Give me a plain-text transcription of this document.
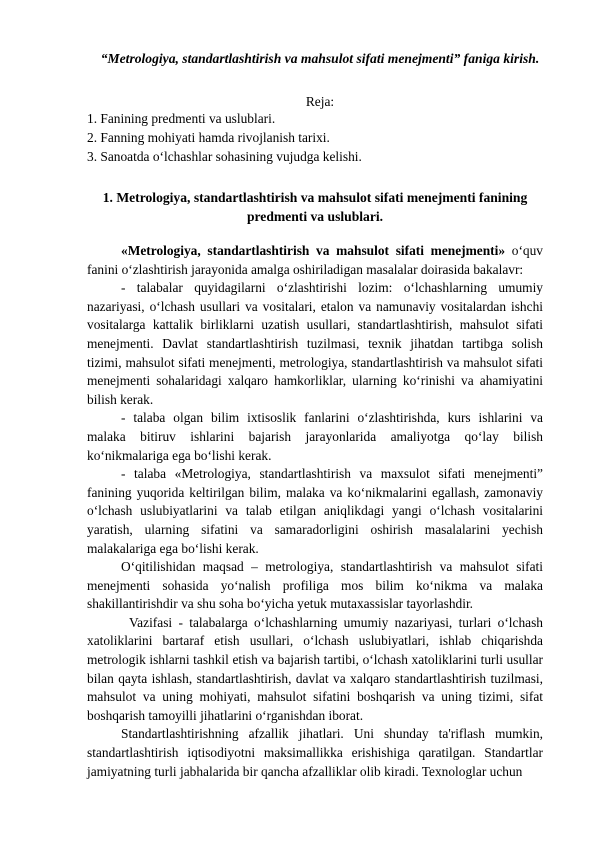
“Metrologiya, standartlashtirish va mahsulot sifati menejmenti” faniga kirish.
Reja:
1. Fanining predmenti va uslublari.
2. Fanning mohiyati hamda rivojlanish tarixi.
3. Sanoatda o‘lchashlar sohasining vujudga kelishi.
1. Metrologiya, standartlashtirish va mahsulot sifati menejmenti fanining predmenti va uslublari.

«Metrologiya, standartlashtirish va mahsulot sifati menejmenti» o‘quv fanini o‘zlashtirish jarayonida amalga oshiriladigan masalalar doirasida bakalavr:

- talabalar quyidagilarni o‘zlashtirishi lozim: o‘lchashlarning umumiy nazariyasi, o‘lchash usullari va vositalari, etalon va namunaviy vositalardan ishchi vositalarga kattalik birliklarni uzatish usullari, standartlashtirish, mahsulot sifati menejmenti. Davlat standartlashtirish tuzilmasi, texnik jihatdan tartibga solish tizimi, mahsulot sifati menejmenti, metrologiya, standartlashtirish va mahsulot sifati menejmenti sohalaridagi xalqaro hamkorliklar, ularning ko‘rinishi va ahamiyatini bilish kerak.

- talaba olgan bilim ixtisoslik fanlarini o‘zlashtirishda, kurs ishlarini va malaka bitiruv ishlarini bajarish jarayonlarida amaliyotga qo‘lay bilish ko‘nikmalariga ega bo‘lishi kerak.

- talaba «Metrologiya, standartlashtirish va maxsulot sifati menejmenti” fanining yuqorida keltirilgan bilim, malaka va ko‘nikmalarini egallash, zamonaviy o‘lchash uslubiyatlarini va talab etilgan aniqlikdagi yangi o‘lchash vositalarini yaratish, ularning sifatini va samaradorligini oshirish masalalarini yechish malakalariga ega bo‘lishi kerak.

O‘qitilishidan maqsad – metrologiya, standartlashtirish va mahsulot sifati menejmenti sohasida yo‘nalish profiliga mos bilim ko‘nikma va malaka shakillantirishdir va shu soha bo‘yicha yetuk mutaxassislar tayorlashdir.

Vazifasi - talabalarga o‘lchashlarning umumiy nazariyasi, turlari o‘lchash xatoliklarini bartaraf etish usullari, o‘lchash uslubiyatlari, ishlab chiqarishda metrologik ishlarni tashkil etish va bajarish tartibi, o‘lchash xatoliklarini turli usullar bilan qayta ishlash, standartlashtirish, davlat va xalqaro standartlashtirish tuzilmasi, mahsulot va uning mohiyati, mahsulot sifatini boshqarish va uning tizimi, sifat boshqarish tamoyilli jihatlarini o‘rganishdan iborat.

Standartlashtirishning afzallik jihatlari. Uni shunday ta'riflash mumkin, standartlashtirish iqtisodiyotni maksimallikka erishishiga qaratilgan. Standartlar jamiyatning turli jabhalarida bir qancha afzalliklar olib kiradi. Texnologlar uchun
